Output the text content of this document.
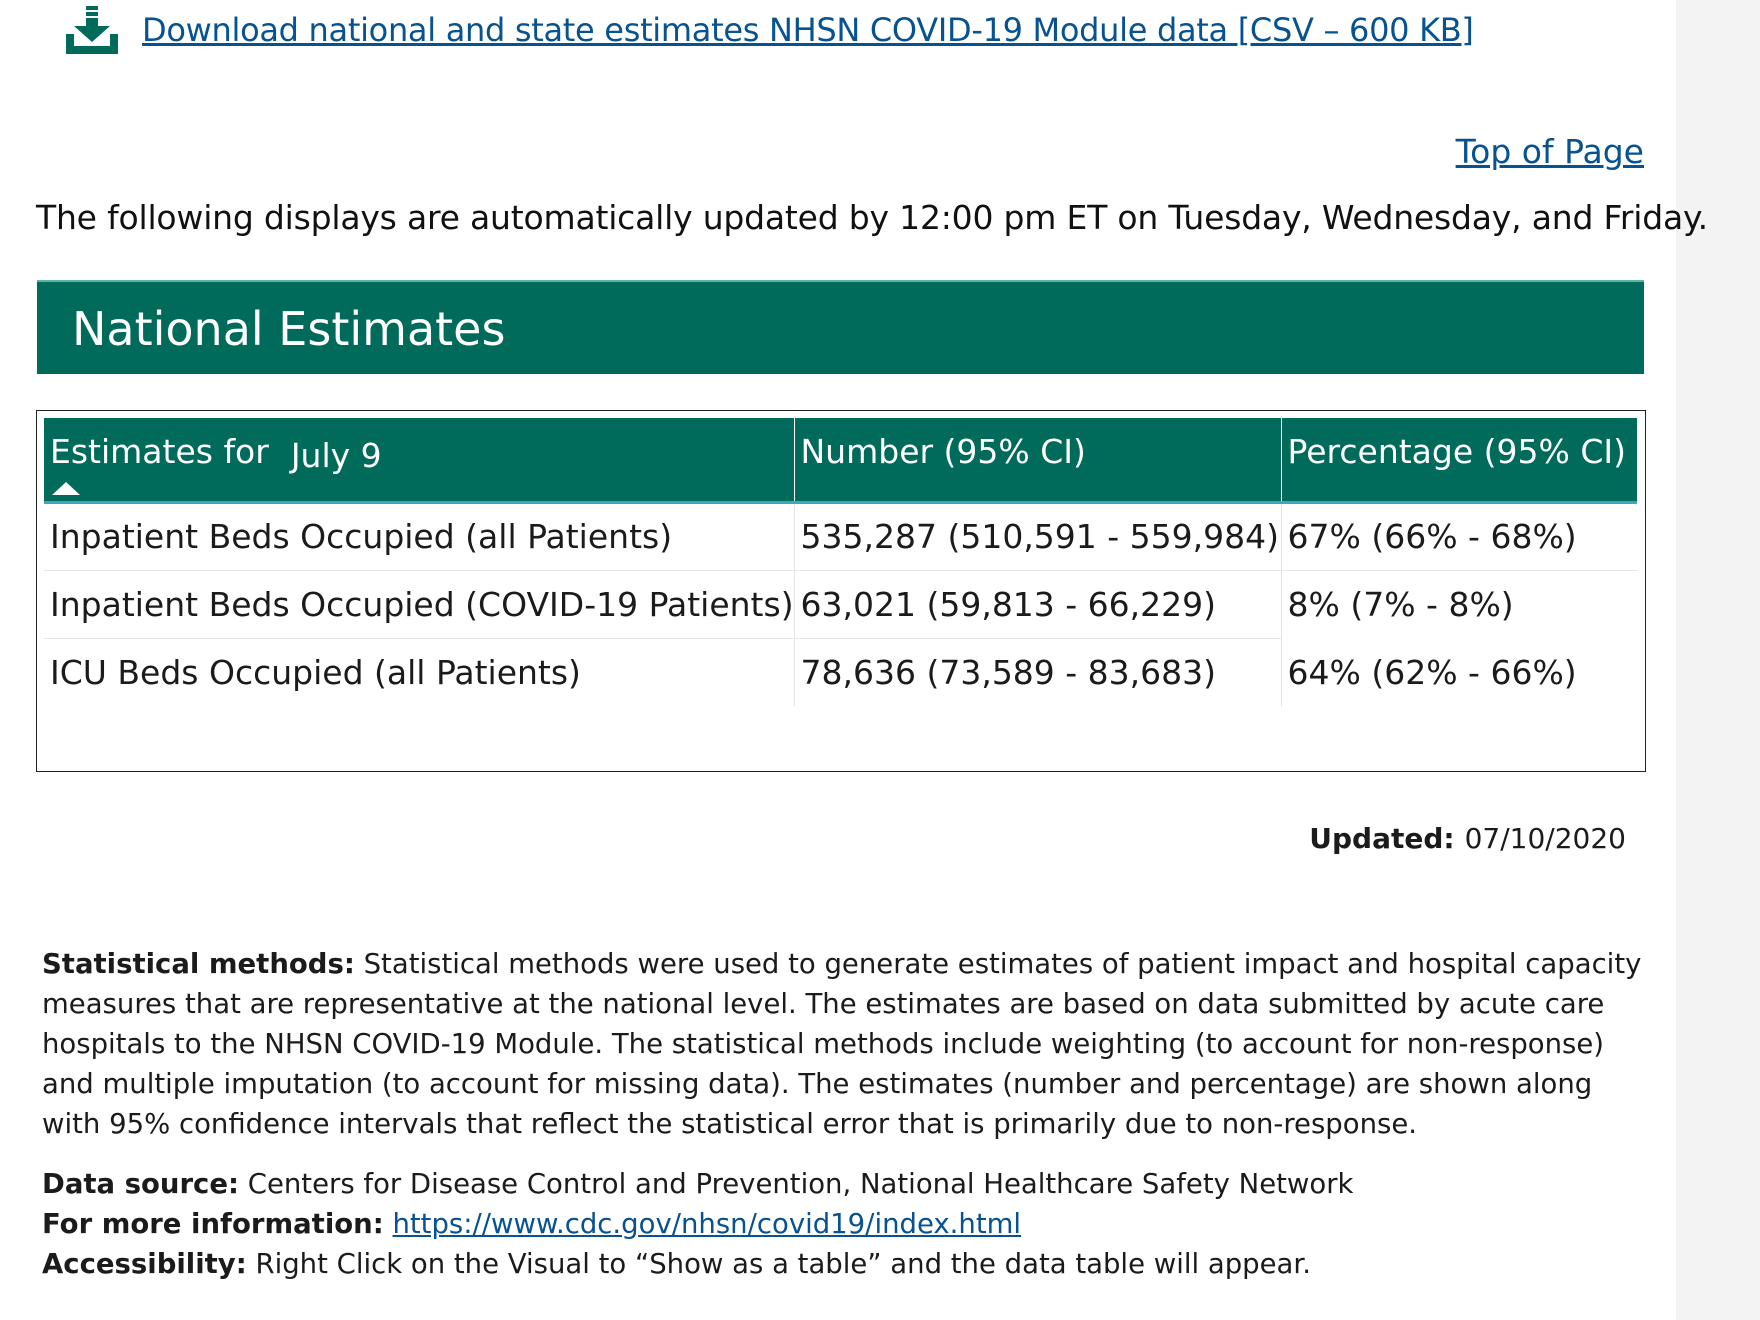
Download national and state estimates NHSN COVID-19 Module data [CSV – 600 KB]
Top of Page
The following displays are automatically updated by 12:00 pm ET on Tuesday, Wednesday, and Friday.
National Estimates
Estimates for July 9	Number (95% CI)	Percentage (95% CI)
Inpatient Beds Occupied (all Patients)	535,287 (510,591 - 559,984)	67% (66% - 68%)
Inpatient Beds Occupied (COVID-19 Patients)	63,021 (59,813 - 66,229)	8% (7% - 8%)
ICU Beds Occupied (all Patients)	78,636 (73,589 - 83,683)	64% (62% - 66%)
Updated: 07/10/2020

Statistical methods: Statistical methods were used to generate estimates of patient impact and hospital capacity measures that are representative at the national level. The estimates are based on data submitted by acute care hospitals to the NHSN COVID-19 Module. The statistical methods include weighting (to account for non-response) and multiple imputation (to account for missing data). The estimates (number and percentage) are shown along with 95% confidence intervals that reflect the statistical error that is primarily due to non-response.

Data source: Centers for Disease Control and Prevention, National Healthcare Safety Network

For more information: https://www.cdc.gov/nhsn/covid19/index.html

Accessibility: Right Click on the Visual to “Show as a table” and the data table will appear.
